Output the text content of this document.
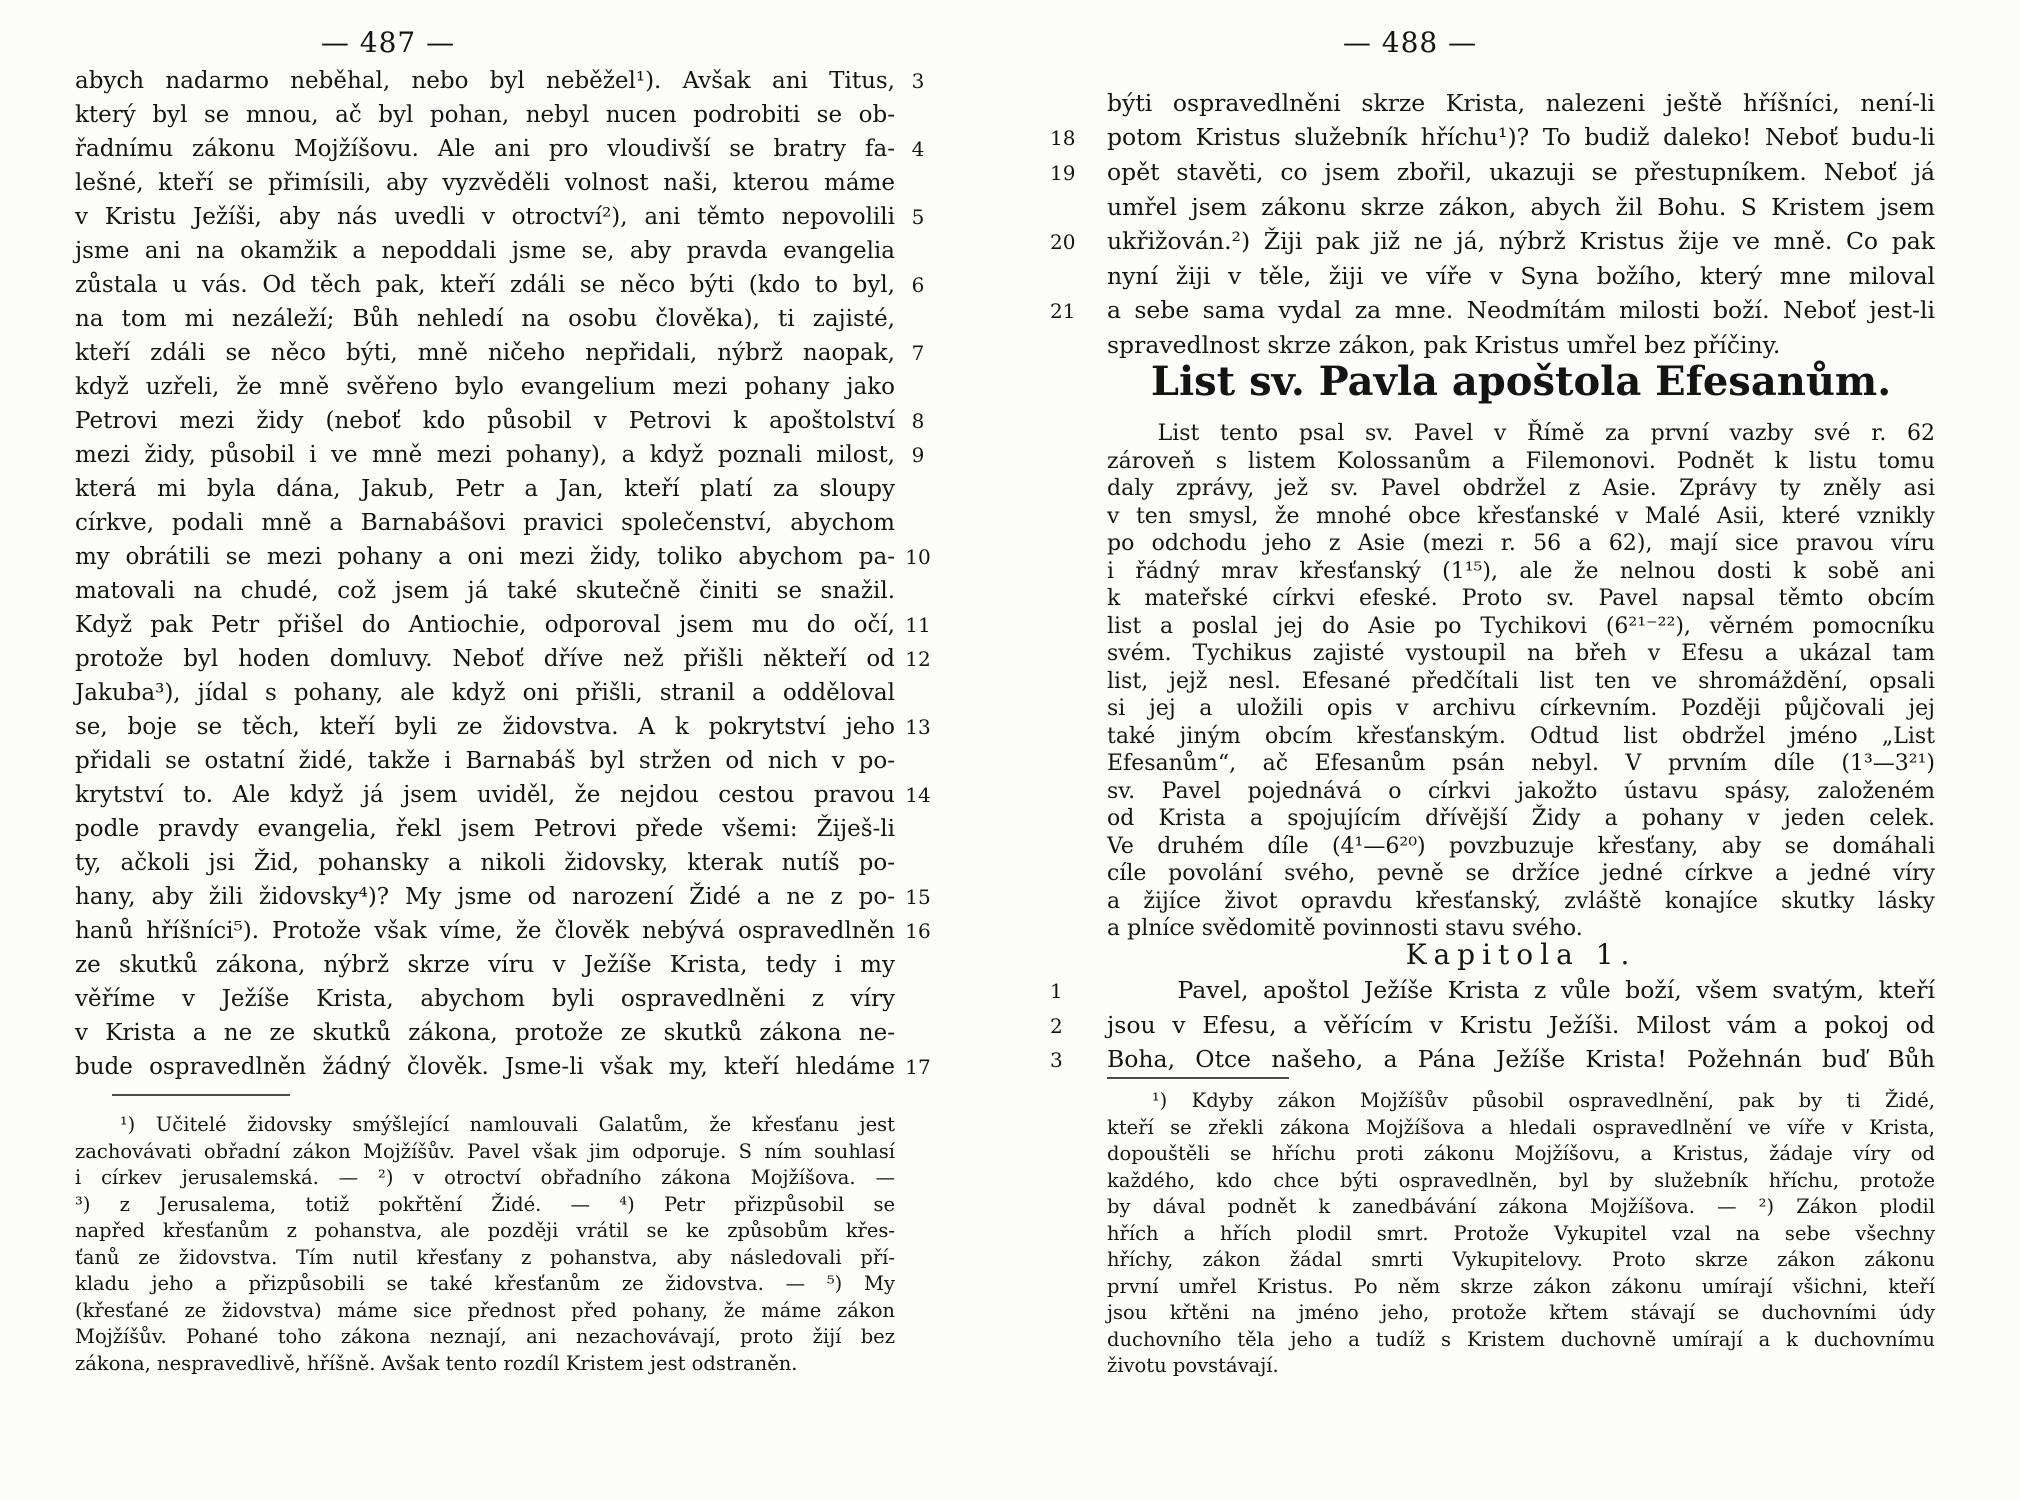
— 487 —
abych nadarmo neběhal, nebo byl neběžel¹). Avšak ani Titus, 3
který byl se mnou, ač byl pohan, nebyl nucen podrobiti se ob-
řadnímu zákonu Mojžíšovu. Ale ani pro vloudivší se bratry fa- 4
lešné, kteří se přimísili, aby vyzvěděli volnost naši, kterou máme
v Kristu Ježíši, aby nás uvedli v otroctví²), ani těmto nepovolili 5
jsme ani na okamžik a nepoddali jsme se, aby pravda evangelia
zůstala u vás. Od těch pak, kteří zdáli se něco býti (kdo to byl, 6
na tom mi nezáleží; Bůh nehledí na osobu člověka), ti zajisté,
kteří zdáli se něco býti, mně ničeho nepřidali, nýbrž naopak, 7
když uzřeli, že mně svěřeno bylo evangelium mezi pohany jako
Petrovi mezi židy (neboť kdo působil v Petrovi k apoštolství 8
mezi židy, působil i ve mně mezi pohany), a když poznali milost, 9
která mi byla dána, Jakub, Petr a Jan, kteří platí za sloupy
církve, podali mně a Barnabášovi pravici společenství, abychom
my obrátili se mezi pohany a oni mezi židy, toliko abychom pa- 10
matovali na chudé, což jsem já také skutečně činiti se snažil.
Když pak Petr přišel do Antiochie, odporoval jsem mu do očí, 11
protože byl hoden domluvy. Neboť dříve než přišli někteří od 12
Jakuba³), jídal s pohany, ale když oni přišli, stranil a odděloval
se, boje se těch, kteří byli ze židovstva. A k pokrytství jeho 13
přidali se ostatní židé, takže i Barnabáš byl stržen od nich v po-
krytství to. Ale když já jsem uviděl, že nejdou cestou pravou 14
podle pravdy evangelia, řekl jsem Petrovi přede všemi: Žiješ-li
ty, ačkoli jsi Žid, pohansky a nikoli židovsky, kterak nutíš po-
hany, aby žili židovsky⁴)? My jsme od narození Židé a ne z po- 15
hanů hříšníci⁵). Protože však víme, že člověk nebývá ospravedlněn 16
ze skutků zákona, nýbrž skrze víru v Ježíše Krista, tedy i my
věříme v Ježíše Krista, abychom byli ospravedlněni z víry
v Krista a ne ze skutků zákona, protože ze skutků zákona ne-
bude ospravedlněn žádný člověk. Jsme-li však my, kteří hledáme 17
¹) Učitelé židovsky smýšlející namlouvali Galatům, že křesťanu jest
zachovávati obřadní zákon Mojžíšův. Pavel však jim odporuje. S ním souhlasí
i církev jerusalemská. — ²) v otroctví obřadního zákona Mojžíšova. —
³) z Jerusalema, totiž pokřtění Židé. — ⁴) Petr přizpůsobil se
napřed křesťanům z pohanstva, ale později vrátil se ke způsobům křes-
ťanů ze židovstva. Tím nutil křesťany z pohanstva, aby následovali pří-
kladu jeho a přizpůsobili se také křesťanům ze židovstva. — ⁵) My
(křesťané ze židovstva) máme sice přednost před pohany, že máme zákon
Mojžíšův. Pohané toho zákona neznají, ani nezachovávají, proto žijí bez
zákona, nespravedlivě, hříšně. Avšak tento rozdíl Kristem jest odstraněn.
— 488 —
býti ospravedlněni skrze Krista, nalezeni ještě hříšníci, není-li
18	potom Kristus služebník hříchu¹)? To budiž daleko! Neboť budu-li
19	opět stavěti, co jsem zbořil, ukazuji se přestupníkem. Neboť já
umřel jsem zákonu skrze zákon, abych žil Bohu. S Kristem jsem
20	ukřižován.²) Žiji pak již ne já, nýbrž Kristus žije ve mně. Co pak
nyní žiji v těle, žiji ve víře v Syna božího, který mne miloval
21	a sebe sama vydal za mne. Neodmítám milosti boží. Neboť jest-li
spravedlnost skrze zákon, pak Kristus umřel bez příčiny.
List sv. Pavla apoštola Efesanům.
List tento psal sv. Pavel v Římě za první vazby své r. 62
zároveň s listem Kolossanům a Filemonovi. Podnět k listu tomu
daly zprávy, jež sv. Pavel obdržel z Asie. Zprávy ty zněly asi
v ten smysl, že mnohé obce křesťanské v Malé Asii, které vznikly
po odchodu jeho z Asie (mezi r. 56 a 62), mají sice pravou víru
i řádný mrav křesťanský (1¹⁵), ale že nelnou dosti k sobě ani
k mateřské církvi efeské. Proto sv. Pavel napsal těmto obcím
list a poslal jej do Asie po Tychikovi (6²¹⁻²²), věrném pomocníku
svém. Tychikus zajisté vystoupil na břeh v Efesu a ukázal tam
list, jejž nesl. Efesané předčítali list ten ve shromáždění, opsali
si jej a uložili opis v archivu církevním. Později půjčovali jej
také jiným obcím křesťanským. Odtud list obdržel jméno „List
Efesanům“, ač Efesanům psán nebyl. V prvním díle (1³—3²¹)
sv. Pavel pojednává o církvi jakožto ústavu spásy, založeném
od Krista a spojujícím dřívější Židy a pohany v jeden celek.
Ve druhém díle (4¹—6²⁰) povzbuzuje křesťany, aby se domáhali
cíle povolání svého, pevně se držíce jedné církve a jedné víry
a žijíce život opravdu křesťanský, zvláště konajíce skutky lásky
a plníce svědomitě povinnosti stavu svého.
Kapitola 1.
1	Pavel, apoštol Ježíše Krista z vůle boží, všem svatým, kteří
2	jsou v Efesu, a věřícím v Kristu Ježíši. Milost vám a pokoj od
3	Boha, Otce našeho, a Pána Ježíše Krista! Požehnán buď Bůh
¹) Kdyby zákon Mojžíšův působil ospravedlnění, pak by ti Židé,
kteří se zřekli zákona Mojžíšova a hledali ospravedlnění ve víře v Krista,
dopouštěli se hříchu proti zákonu Mojžíšovu, a Kristus, žádaje víry od
každého, kdo chce býti ospravedlněn, byl by služebník hříchu, protože
by dával podnět k zanedbávání zákona Mojžíšova. — ²) Zákon plodil
hřích a hřích plodil smrt. Protože Vykupitel vzal na sebe všechny
hříchy, zákon žádal smrti Vykupitelovy. Proto skrze zákon zákonu
první umřel Kristus. Po něm skrze zákon zákonu umírají všichni, kteří
jsou křtěni na jméno jeho, protože křtem stávají se duchovními údy
duchovního těla jeho a tudíž s Kristem duchovně umírají a k duchovnímu
životu povstávají.
